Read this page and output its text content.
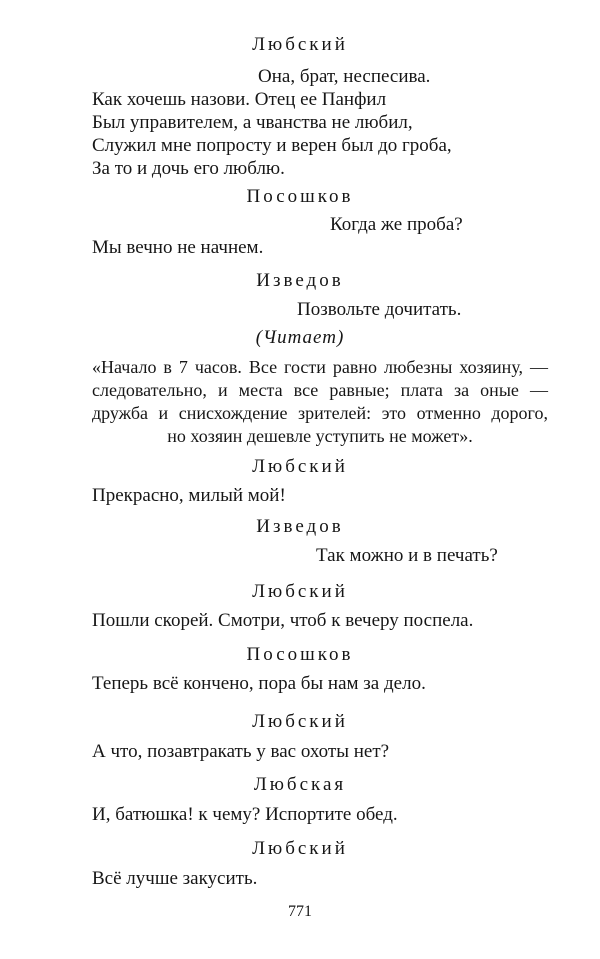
Любский

Она, брат, неспесива.

Как хочешь назови. Отец ее Панфил

Был управителем, а чванства не любил,

Служил мне попросту и верен был до гроба,

За то и дочь его люблю.

Посошков

Когда же проба?

Мы вечно не начнем.

Изведов

Позвольте дочитать.

(Читает)

«Начало в 7 часов. Все гости равно любезны хозяину, —
следовательно, и места все равные; плата за оные —
дружба и снисхождение зрителей: это отменно дорого,
но хозяин дешевле уступить не может».

Любский

Прекрасно, милый мой!

Изведов

Так можно и в печать?

Любский

Пошли скорей. Смотри, чтоб к вечеру поспела.

Посошков

Теперь всё кончено, пора бы нам за дело.

Любский

А что, позавтракать у вас охоты нет?

Любская

И, батюшка! к чему? Испортите обед.

Любский

Всё лучше закусить.

771
